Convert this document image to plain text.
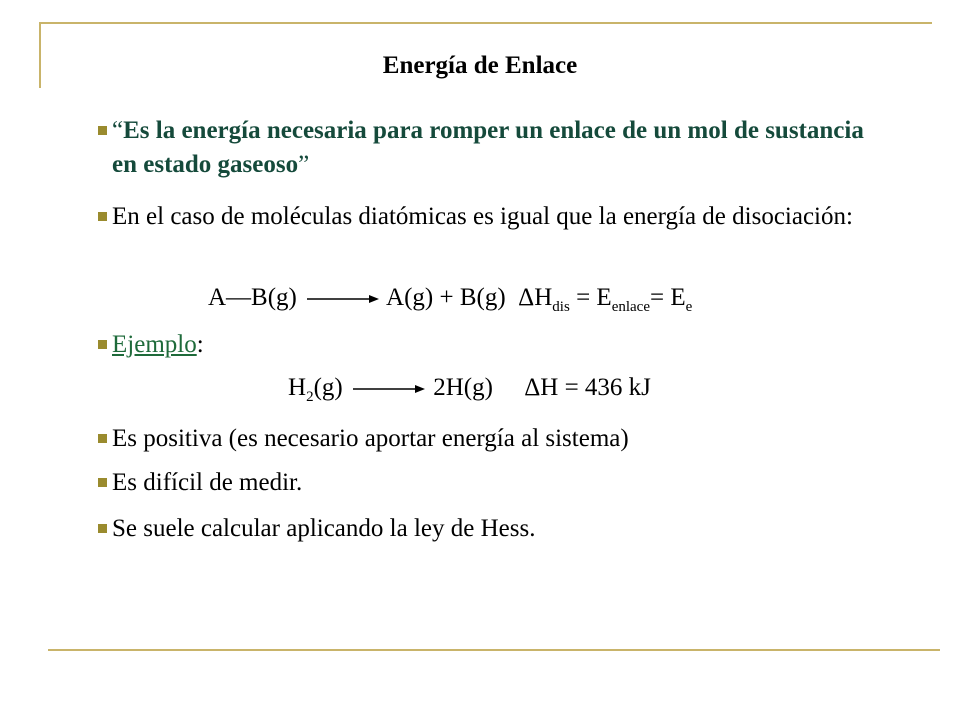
Energía de Enlace
“Es la energía necesaria para romper un enlace de un mol de sustancia en estado gaseoso”
En el caso de moléculas diatómicas es igual que la energía de disociación:
A—B(g) → A(g) + B(g) $\Delta H_{dis} = E_{enlace}= E_e$
Ejemplo:
$H_2(g) \to 2H(g) \Delta H = 436$ kJ
Es positiva (es necesario aportar energía al sistema)
Es difícil de medir.
Se suele calcular aplicando la ley de Hess.
